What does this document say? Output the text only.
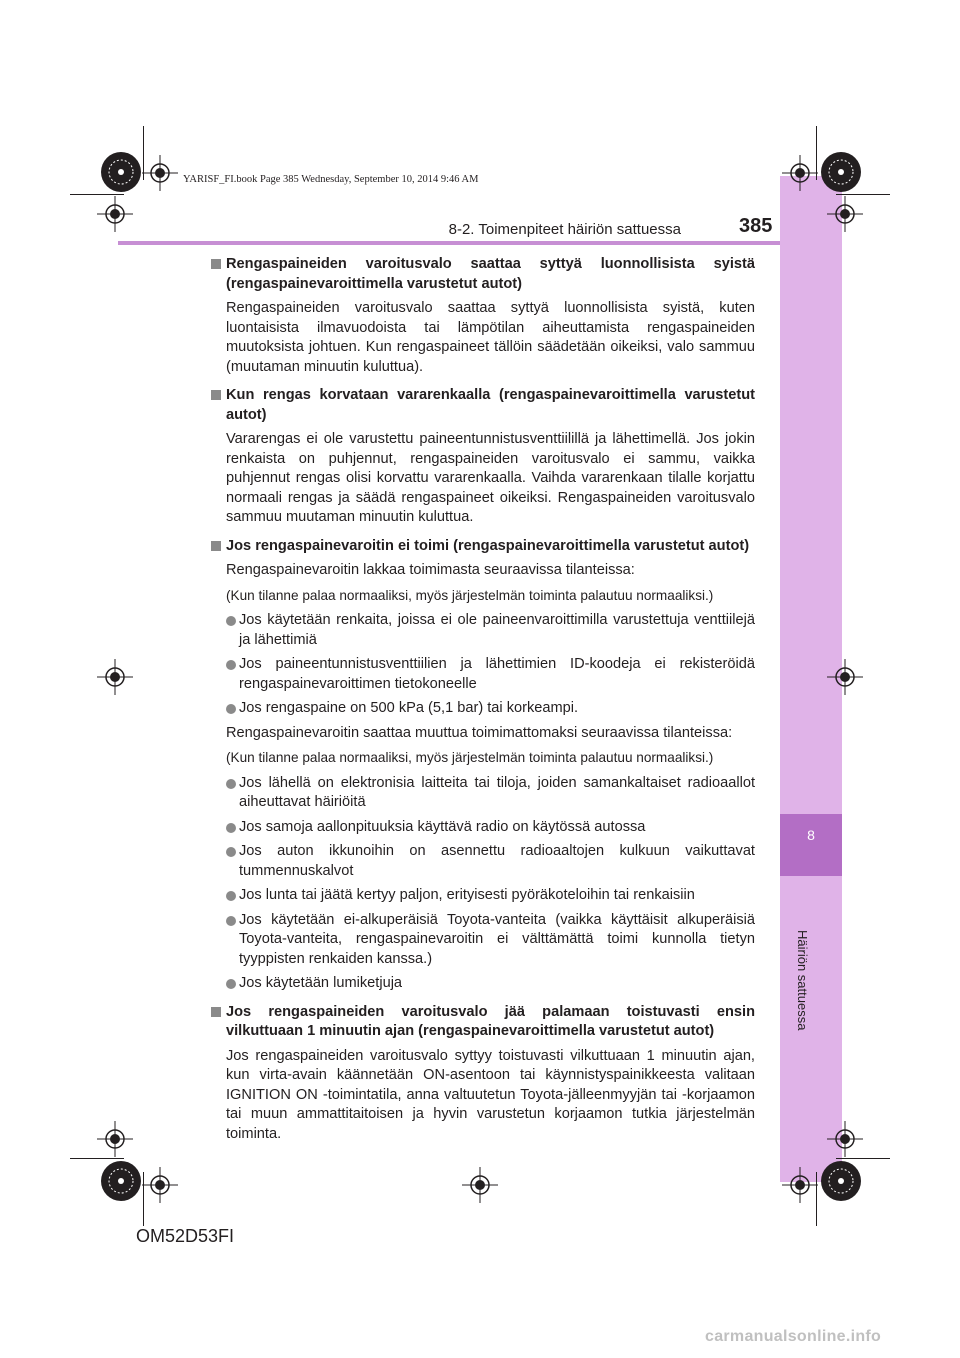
8
Häiriön sattuessa
YARISF_FI.book Page 385 Wednesday, September 10, 2014 9:46 AM
8-2. Toimenpiteet häiriön sattuessa	385
Rengaspaineiden varoitusvalo saattaa syttyä luonnollisista syistä (rengaspainevaroittimella varustetut autot)
Rengaspaineiden varoitusvalo saattaa syttyä luonnollisista syistä, kuten luontaisista ilmavuodoista tai lämpötilan aiheuttamista rengaspaineiden muutoksista johtuen. Kun rengaspaineet tällöin säädetään oikeiksi, valo sammuu (muutaman minuutin kuluttua).
Kun rengas korvataan vararenkaalla (rengaspainevaroittimella varustetut autot)
Vararengas ei ole varustettu paineentunnistusventtiilillä ja lähettimellä. Jos jokin renkaista on puhjennut, rengaspaineiden varoitusvalo ei sammu, vaikka puhjennut rengas olisi korvattu vararenkaalla. Vaihda vararenkaan tilalle korjattu normaali rengas ja säädä rengaspaineet oikeiksi. Rengaspaineiden varoitusvalo sammuu muutaman minuutin kuluttua.
Jos rengaspainevaroitin ei toimi (rengaspainevaroittimella varustetut autot)
Rengaspainevaroitin lakkaa toimimasta seuraavissa tilanteissa:
(Kun tilanne palaa normaaliksi, myös järjestelmän toiminta palautuu normaaliksi.)
Jos käytetään renkaita, joissa ei ole paineenvaroittimilla varustettuja venttiilejä ja lähettimiä
Jos paineentunnistusventtiilien ja lähettimien ID-koodeja ei rekisteröidä rengaspainevaroittimen tietokoneelle
Jos rengaspaine on 500 kPa (5,1 bar) tai korkeampi.
Rengaspainevaroitin saattaa muuttua toimimattomaksi seuraavissa tilanteissa:
(Kun tilanne palaa normaaliksi, myös järjestelmän toiminta palautuu normaaliksi.)
Jos lähellä on elektronisia laitteita tai tiloja, joiden samankaltaiset radioaallot aiheuttavat häiriöitä
Jos samoja aallonpituuksia käyttävä radio on käytössä autossa
Jos auton ikkunoihin on asennettu radioaaltojen kulkuun vaikuttavat tummennuskalvot
Jos lunta tai jäätä kertyy paljon, erityisesti pyöräkoteloihin tai renkaisiin
Jos käytetään ei-alkuperäisiä Toyota-vanteita (vaikka käyttäisit alkuperäisiä Toyota-vanteita, rengaspainevaroitin ei välttämättä toimi kunnolla tietyn tyyppisten renkaiden kanssa.)
Jos käytetään lumiketjuja
Jos rengaspaineiden varoitusvalo jää palamaan toistuvasti ensin vilkuttuaan 1 minuutin ajan (rengaspainevaroittimella varustetut autot)
Jos rengaspaineiden varoitusvalo syttyy toistuvasti vilkuttuaan 1 minuutin ajan, kun virta-avain käännetään ON-asentoon tai käynnistyspainikkeesta valitaan IGNITION ON -toimintatila, anna valtuutetun Toyota-jälleenmyyjän tai -korjaamon tai muun ammattitaitoisen ja hyvin varustetun korjaamon tutkia järjestelmän toiminta.
OM52D53FI
carmanualsonline.info
